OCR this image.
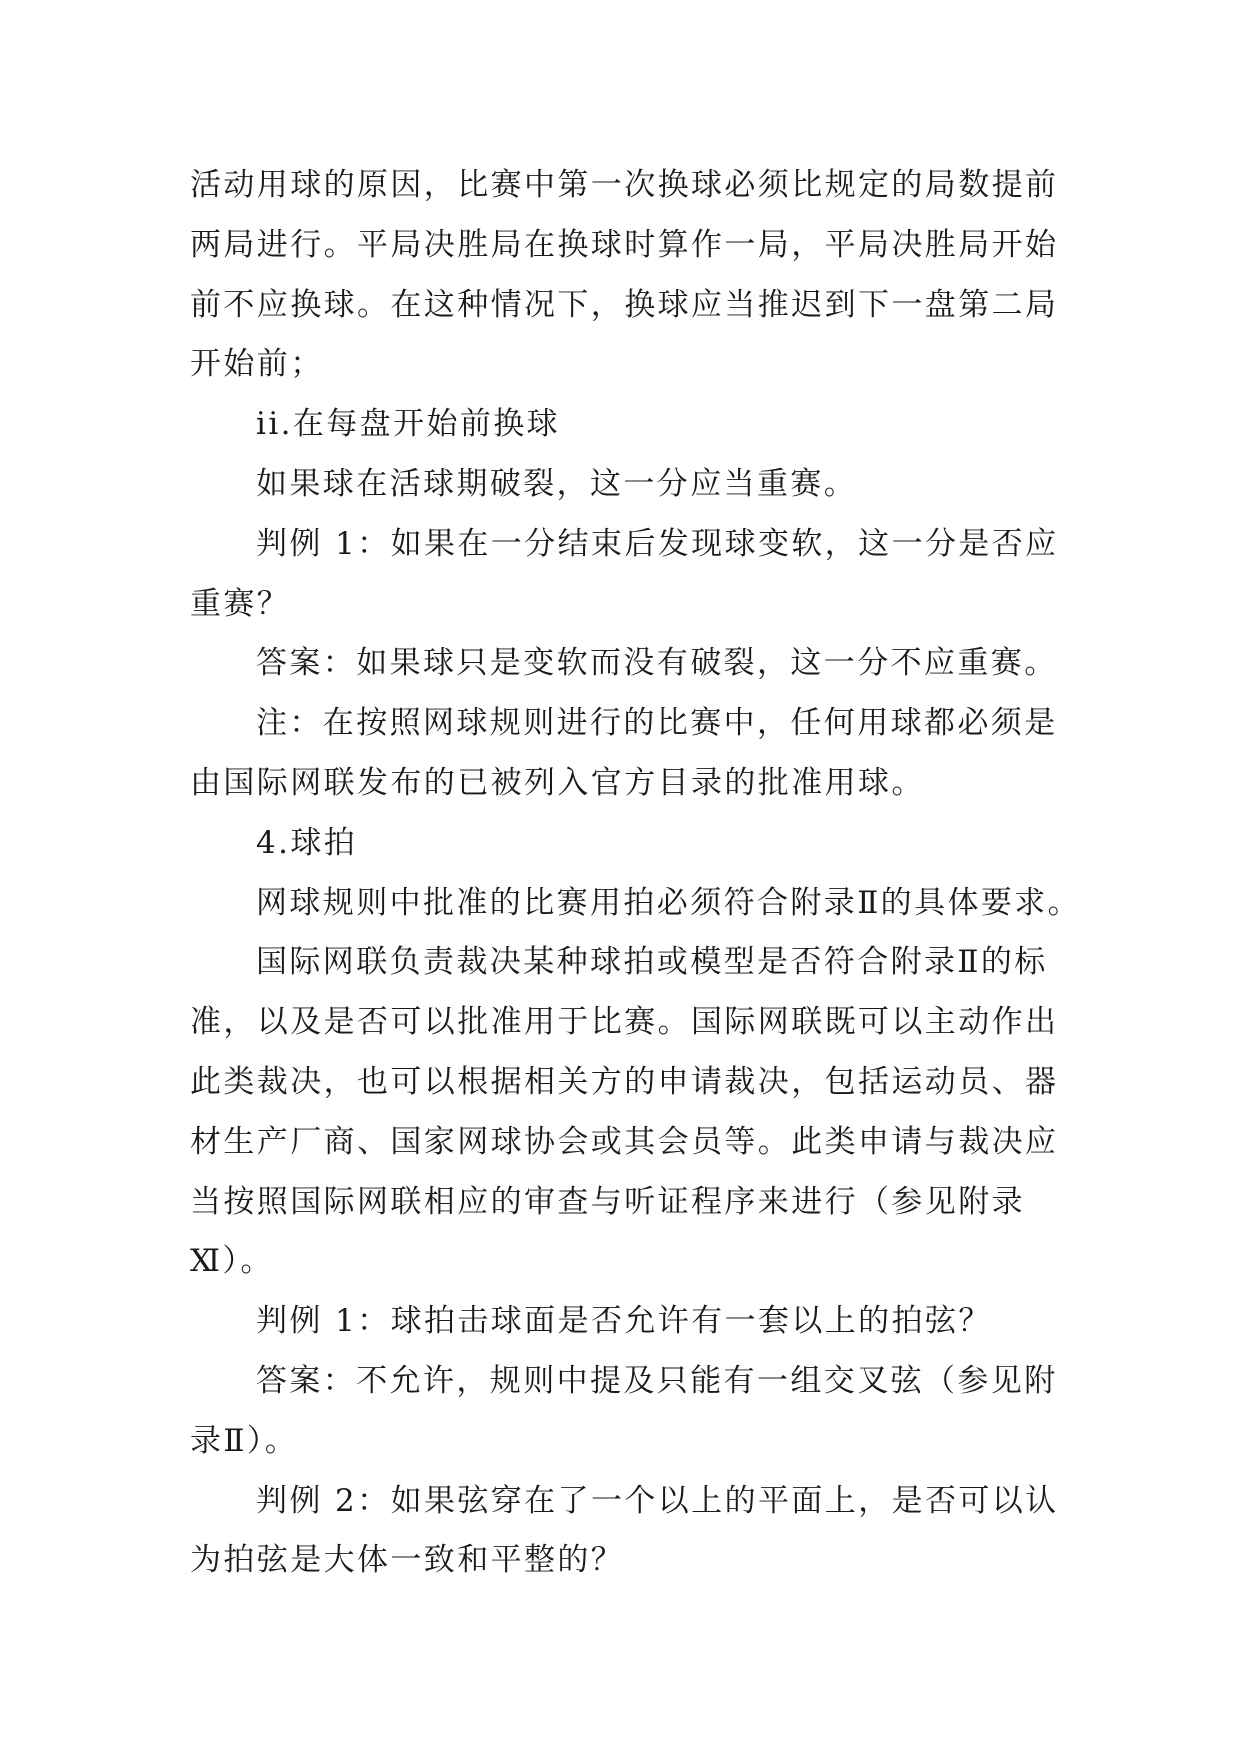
活动用球的原因，比赛中第一次换球必须比规定的局数提前

两局进行。平局决胜局在换球时算作一局，平局决胜局开始

前不应换球。在这种情况下，换球应当推迟到下一盘第二局

开始前；

ii.在每盘开始前换球

如果球在活球期破裂，这一分应当重赛。

判例 1：如果在一分结束后发现球变软，这一分是否应

重赛？

答案：如果球只是变软而没有破裂，这一分不应重赛。

注：在按照网球规则进行的比赛中，任何用球都必须是

由国际网联发布的已被列入官方目录的批准用球。

4.球拍

网球规则中批准的比赛用拍必须符合附录Ⅱ的具体要求。

国际网联负责裁决某种球拍或模型是否符合附录Ⅱ的标

准，以及是否可以批准用于比赛。国际网联既可以主动作出

此类裁决，也可以根据相关方的申请裁决，包括运动员、器

材生产厂商、国家网球协会或其会员等。此类申请与裁决应

当按照国际网联相应的审查与听证程序来进行（参见附录

Ⅺ）。

判例 1：球拍击球面是否允许有一套以上的拍弦？

答案：不允许，规则中提及只能有一组交叉弦（参见附

录Ⅱ）。

判例 2：如果弦穿在了一个以上的平面上，是否可以认

为拍弦是大体一致和平整的？
